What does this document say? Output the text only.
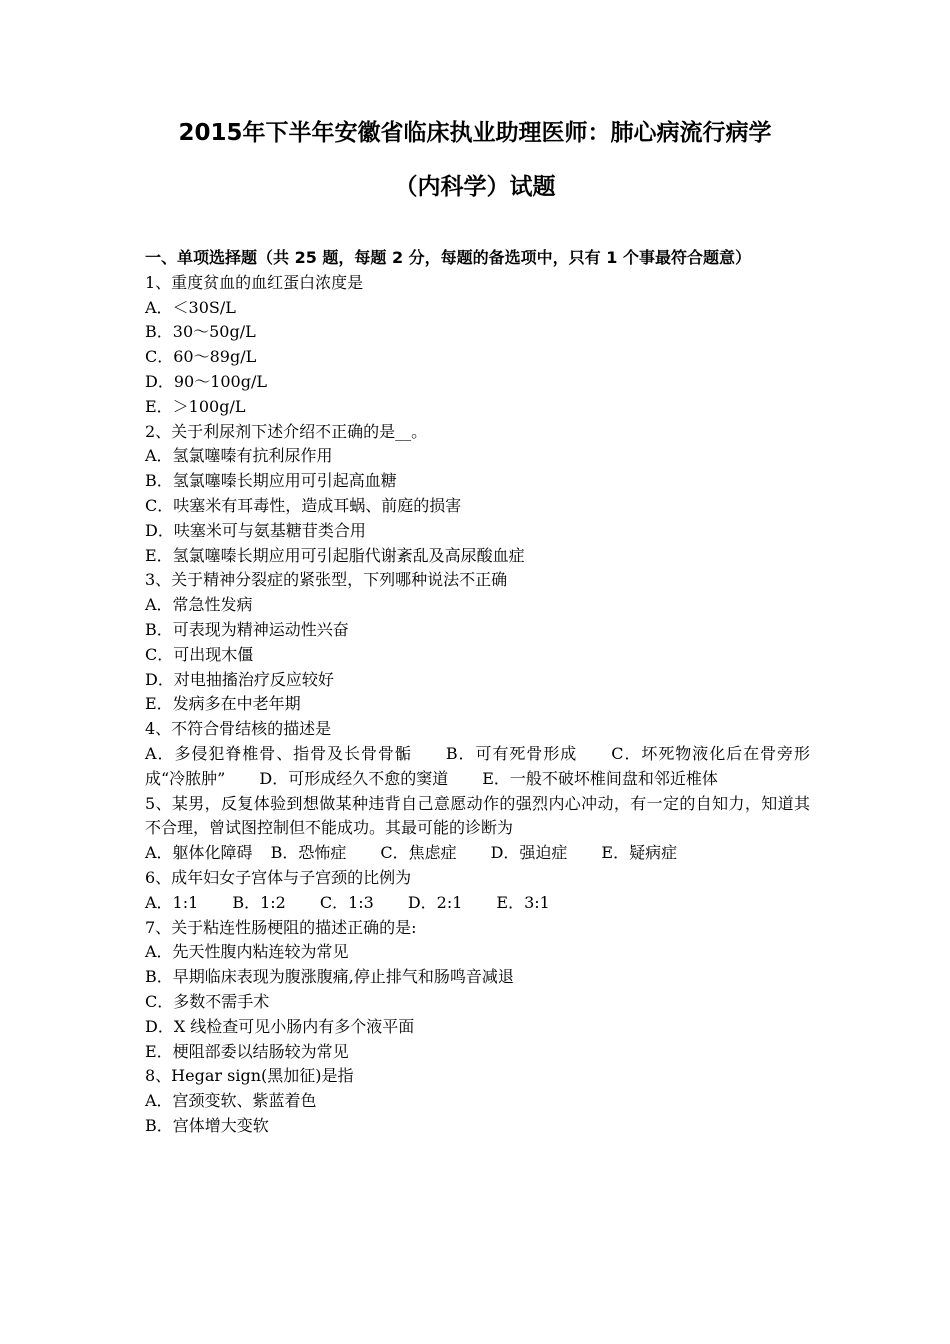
2015年下半年安徽省临床执业助理医师：肺心病流行病学
（内科学）试题
一、单项选择题（共 25 题，每题 2 分，每题的备选项中，只有 1 个事最符合题意）
1、重度贫血的血红蛋白浓度是
A．＜30S/L
B．30～50g/L
C．60～89g/L
D．90～100g/L
E．＞100g/L
2、关于利尿剂下述介绍不正确的是__。
A．氢氯噻嗪有抗利尿作用
B．氢氯噻嗪长期应用可引起高血糖
C．呋塞米有耳毒性，造成耳蜗、前庭的损害
D．呋塞米可与氨基糖苷类合用
E．氢氯噻嗪长期应用可引起脂代谢紊乱及高尿酸血症
3、关于精神分裂症的紧张型，下列哪种说法不正确
A．常急性发病
B．可表现为精神运动性兴奋
C．可出现木僵
D．对电抽搐治疗反应较好
E．发病多在中老年期
4、不符合骨结核的描述是
A．多侵犯脊椎骨、指骨及长骨骨骺 B．可有死骨形成 C．坏死物液化后在骨旁形成“冷脓肿” D．可形成经久不愈的窦道 E．一般不破坏椎间盘和邻近椎体
5、某男，反复体验到想做某种违背自己意愿动作的强烈内心冲动，有一定的自知力，知道其不合理，曾试图控制但不能成功。其最可能的诊断为
A．躯体化障碍 B．恐怖症 C．焦虑症 D．强迫症 E．疑病症
6、成年妇女子宫体与子宫颈的比例为
A．1:1 B．1:2 C．1:3 D．2:1 E．3:1
7、关于粘连性肠梗阻的描述正确的是:
A．先天性腹内粘连较为常见
B．早期临床表现为腹涨腹痛,停止排气和肠鸣音减退
C．多数不需手术
D．X 线检查可见小肠内有多个液平面
E．梗阻部委以结肠较为常见
8、Hegar sign(黑加征)是指
A．宫颈变软、紫蓝着色
B．宫体增大变软
